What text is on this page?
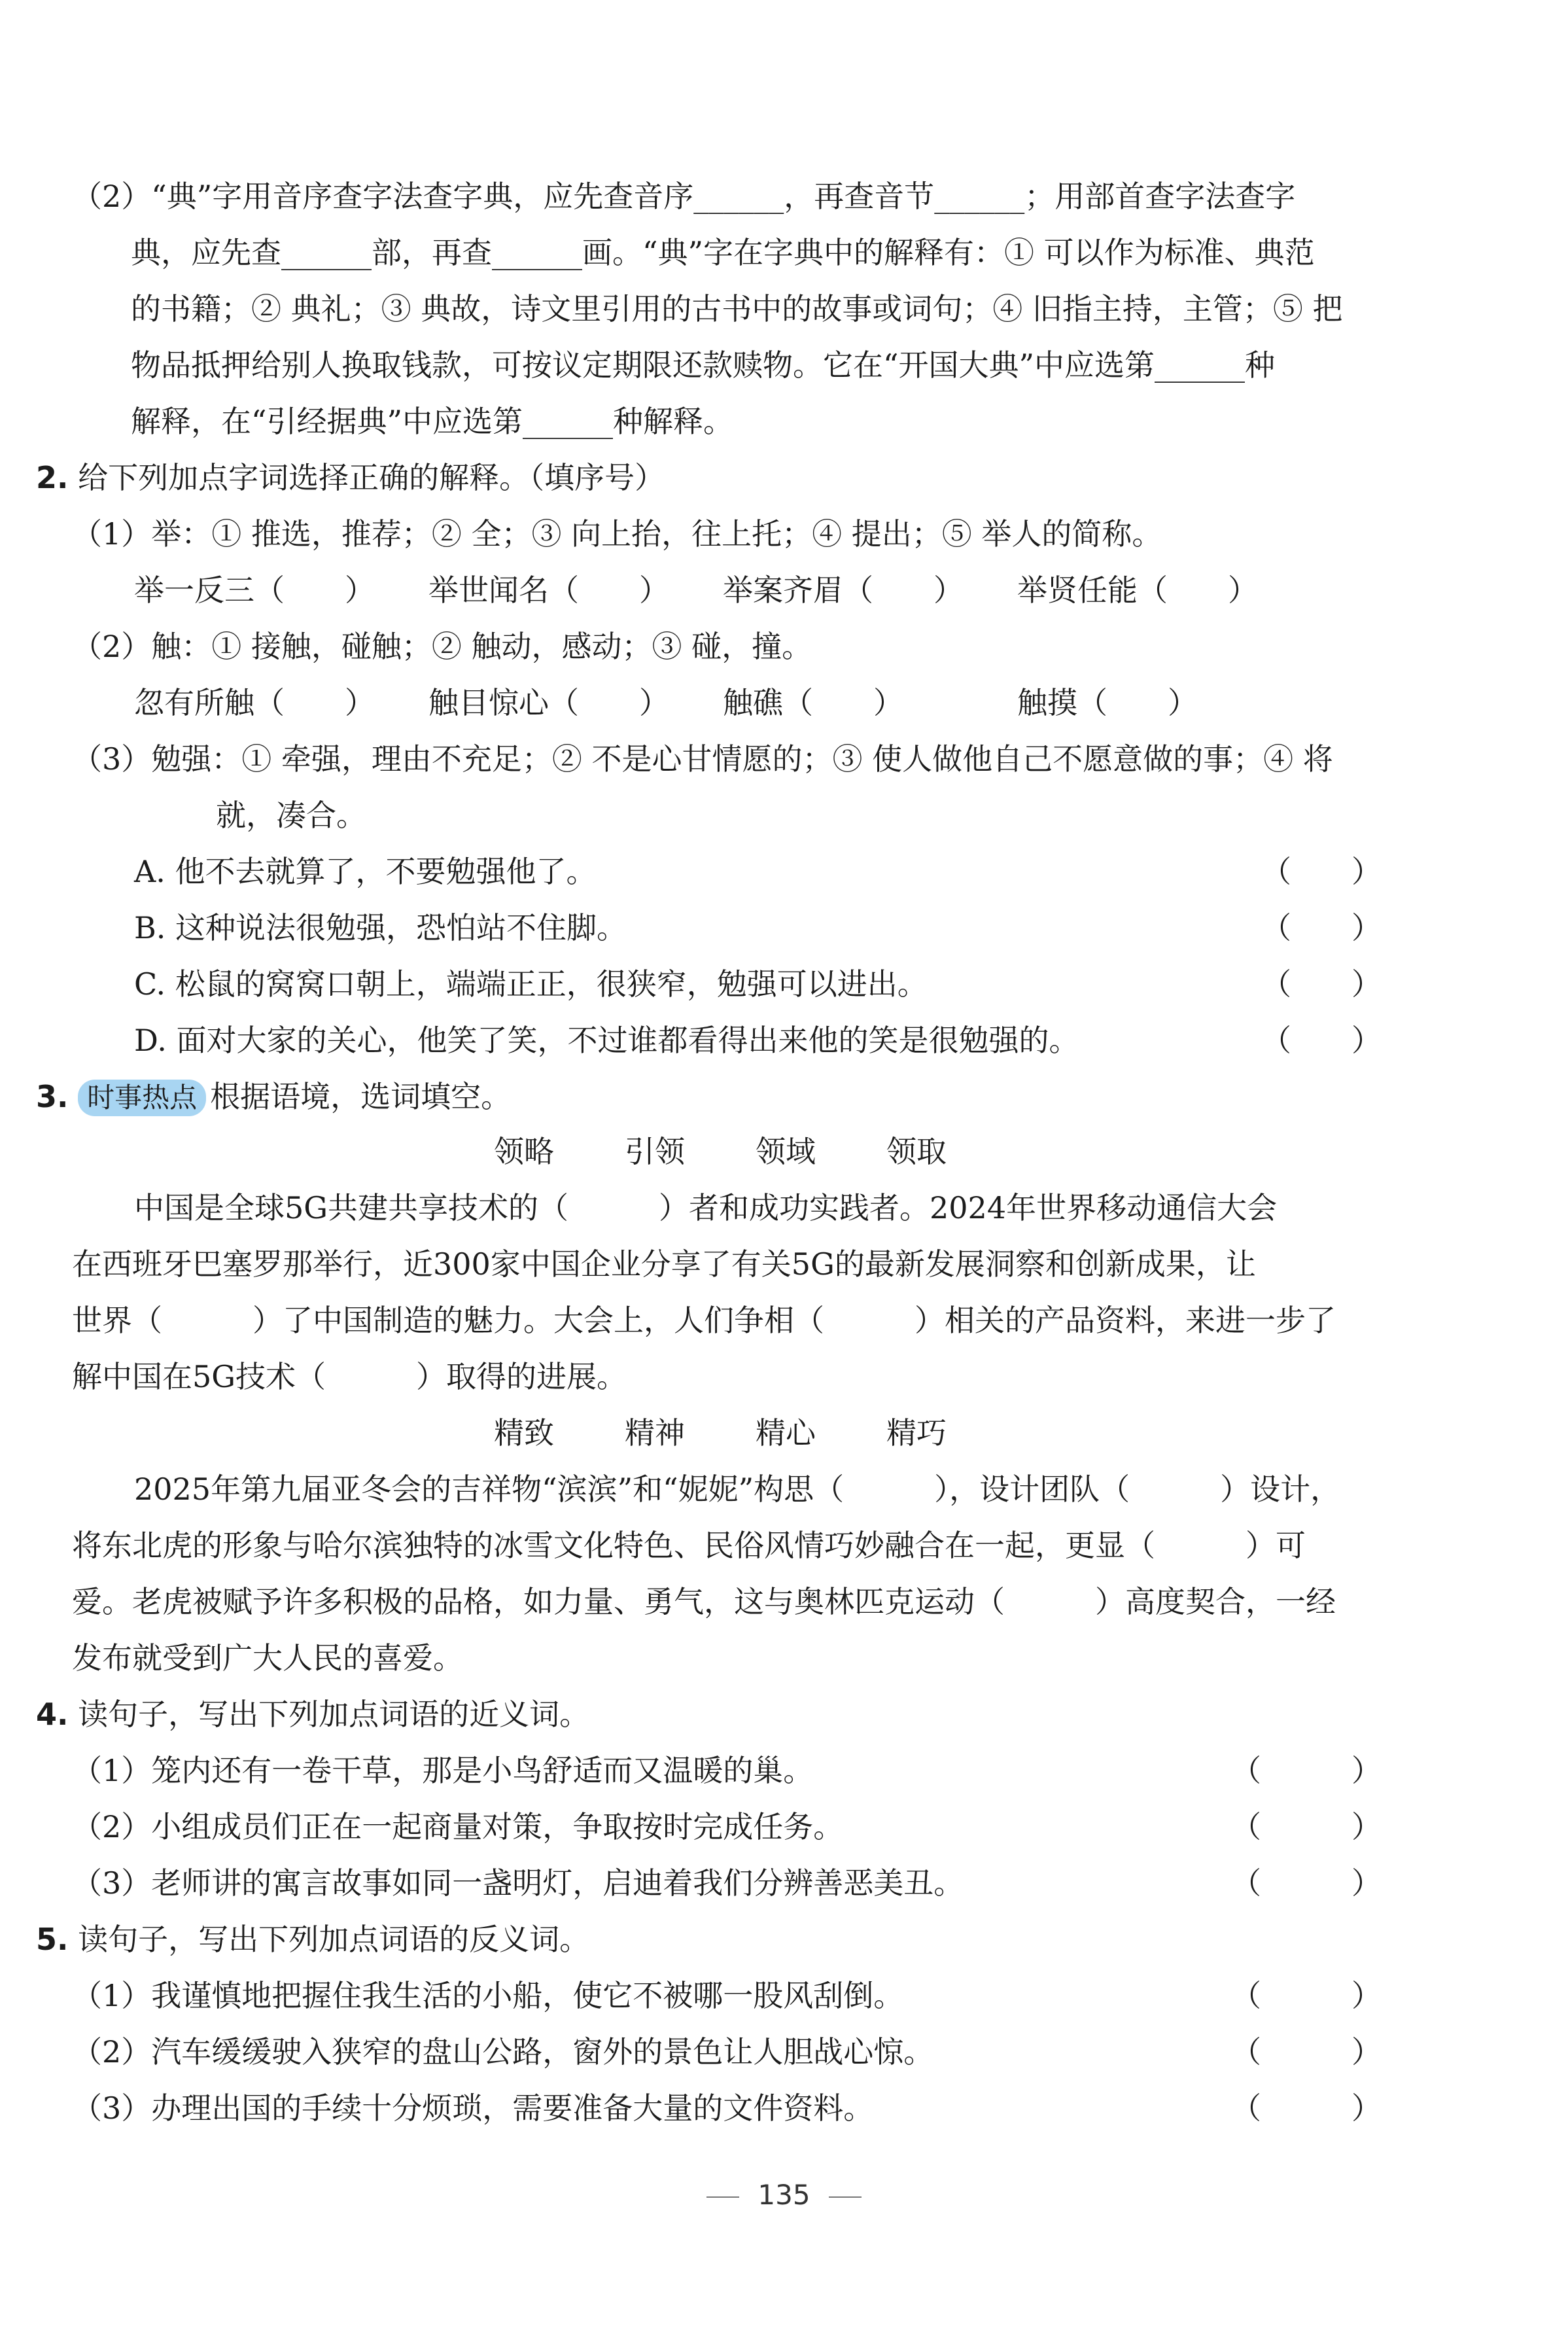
（2）“典”字用音序查字法查字典，应先查音序______，再查音节______；用部首查字法查字
典，应先查______部，再查______画。“典”字在字典中的解释有：① 可以作为标准、典范
的书籍；② 典礼；③ 典故，诗文里引用的古书中的故事或词句；④ 旧指主持，主管；⑤ 把
物品抵押给别人换取钱款，可按议定期限还款赎物。它在“开国大典”中应选第______种
解释，在“引经据典”中应选第______种解释。
2. 给下列加点字词选择正确的解释。（填序号）
（1）举：① 推选，推荐；② 全；③ 向上抬，往上托；④ 提出；⑤ 举人的简称。
举一反三（　　）	举世闻名（　　）	举案齐眉（　　）	举贤任能（　　）
（2）触：① 接触，碰触；② 触动，感动；③ 碰，撞。
忽有所触（　　）	触目惊心（　　）	触礁（　　）	触摸（　　）
（3）勉强：① 牵强，理由不充足；② 不是心甘情愿的；③ 使人做他自己不愿意做的事；④ 将
就，凑合。
A. 他不去就算了，不要勉强他了。	（　　）
B. 这种说法很勉强，恐怕站不住脚。	（　　）
C. 松鼠的窝窝口朝上，端端正正，很狭窄，勉强可以进出。	（　　）
D. 面对大家的关心，他笑了笑，不过谁都看得出来他的笑是很勉强的。	（　　）
3. 时事热点 根据语境，选词填空。
领略	引领	领域	领取
中国是全球5G共建共享技术的（　　　）者和成功实践者。2024年世界移动通信大会
在西班牙巴塞罗那举行，近300家中国企业分享了有关5G的最新发展洞察和创新成果，让
世界（　　　）了中国制造的魅力。大会上，人们争相（　　　）相关的产品资料，来进一步了
解中国在5G技术（　　　）取得的进展。
精致	精神	精心	精巧
2025年第九届亚冬会的吉祥物“滨滨”和“妮妮”构思（　　　），设计团队（　　　）设计，
将东北虎的形象与哈尔滨独特的冰雪文化特色、民俗风情巧妙融合在一起，更显（　　　）可
爱。老虎被赋予许多积极的品格，如力量、勇气，这与奥林匹克运动（　　　）高度契合，一经
发布就受到广大人民的喜爱。
4. 读句子，写出下列加点词语的近义词。
（1）笼内还有一卷干草，那是小鸟舒适而又温暖的巢。	（　　　）
（2）小组成员们正在一起商量对策，争取按时完成任务。	（　　　）
（3）老师讲的寓言故事如同一盏明灯，启迪着我们分辨善恶美丑。	（　　　）
5. 读句子，写出下列加点词语的反义词。
（1）我谨慎地把握住我生活的小船，使它不被哪一股风刮倒。	（　　　）
（2）汽车缓缓驶入狭窄的盘山公路，窗外的景色让人胆战心惊。	（　　　）
（3）办理出国的手续十分烦琐，需要准备大量的文件资料。	（　　　）
135
